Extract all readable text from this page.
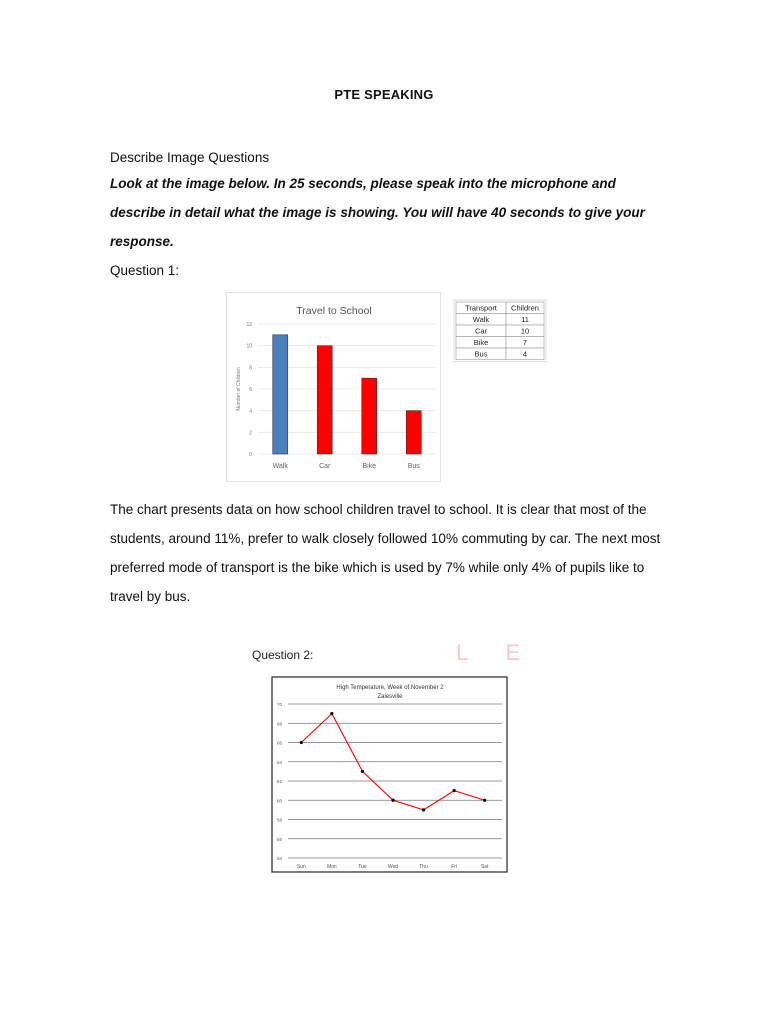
PTE SPEAKING
Describe Image Questions
Look at the image below. In 25 seconds, please speak into the microphone and describe in detail what the image is showing. You will have 40 seconds to give your response.
Question 1:
Travel to School
0
2
4
6
8
10
12
Number of Children
Walk	Car	Bike	Bus
Transport Children
Walk	11
Car	10
Bike	7
Bus	4
The chart presents data on how school children travel to school. It is clear that most of the students, around 11%, prefer to walk closely followed 10% commuting by car. The next most preferred mode of transport is the bike which is used by 7% while only 4% of pupils like to travel by bus.
L E
Question 2:
High Temperature, Week of November 2
Zalesville
54
56
58
60
62
64
66
68
70
Sun	Mon	Tue	Wed	Thu	Fri	Sat
